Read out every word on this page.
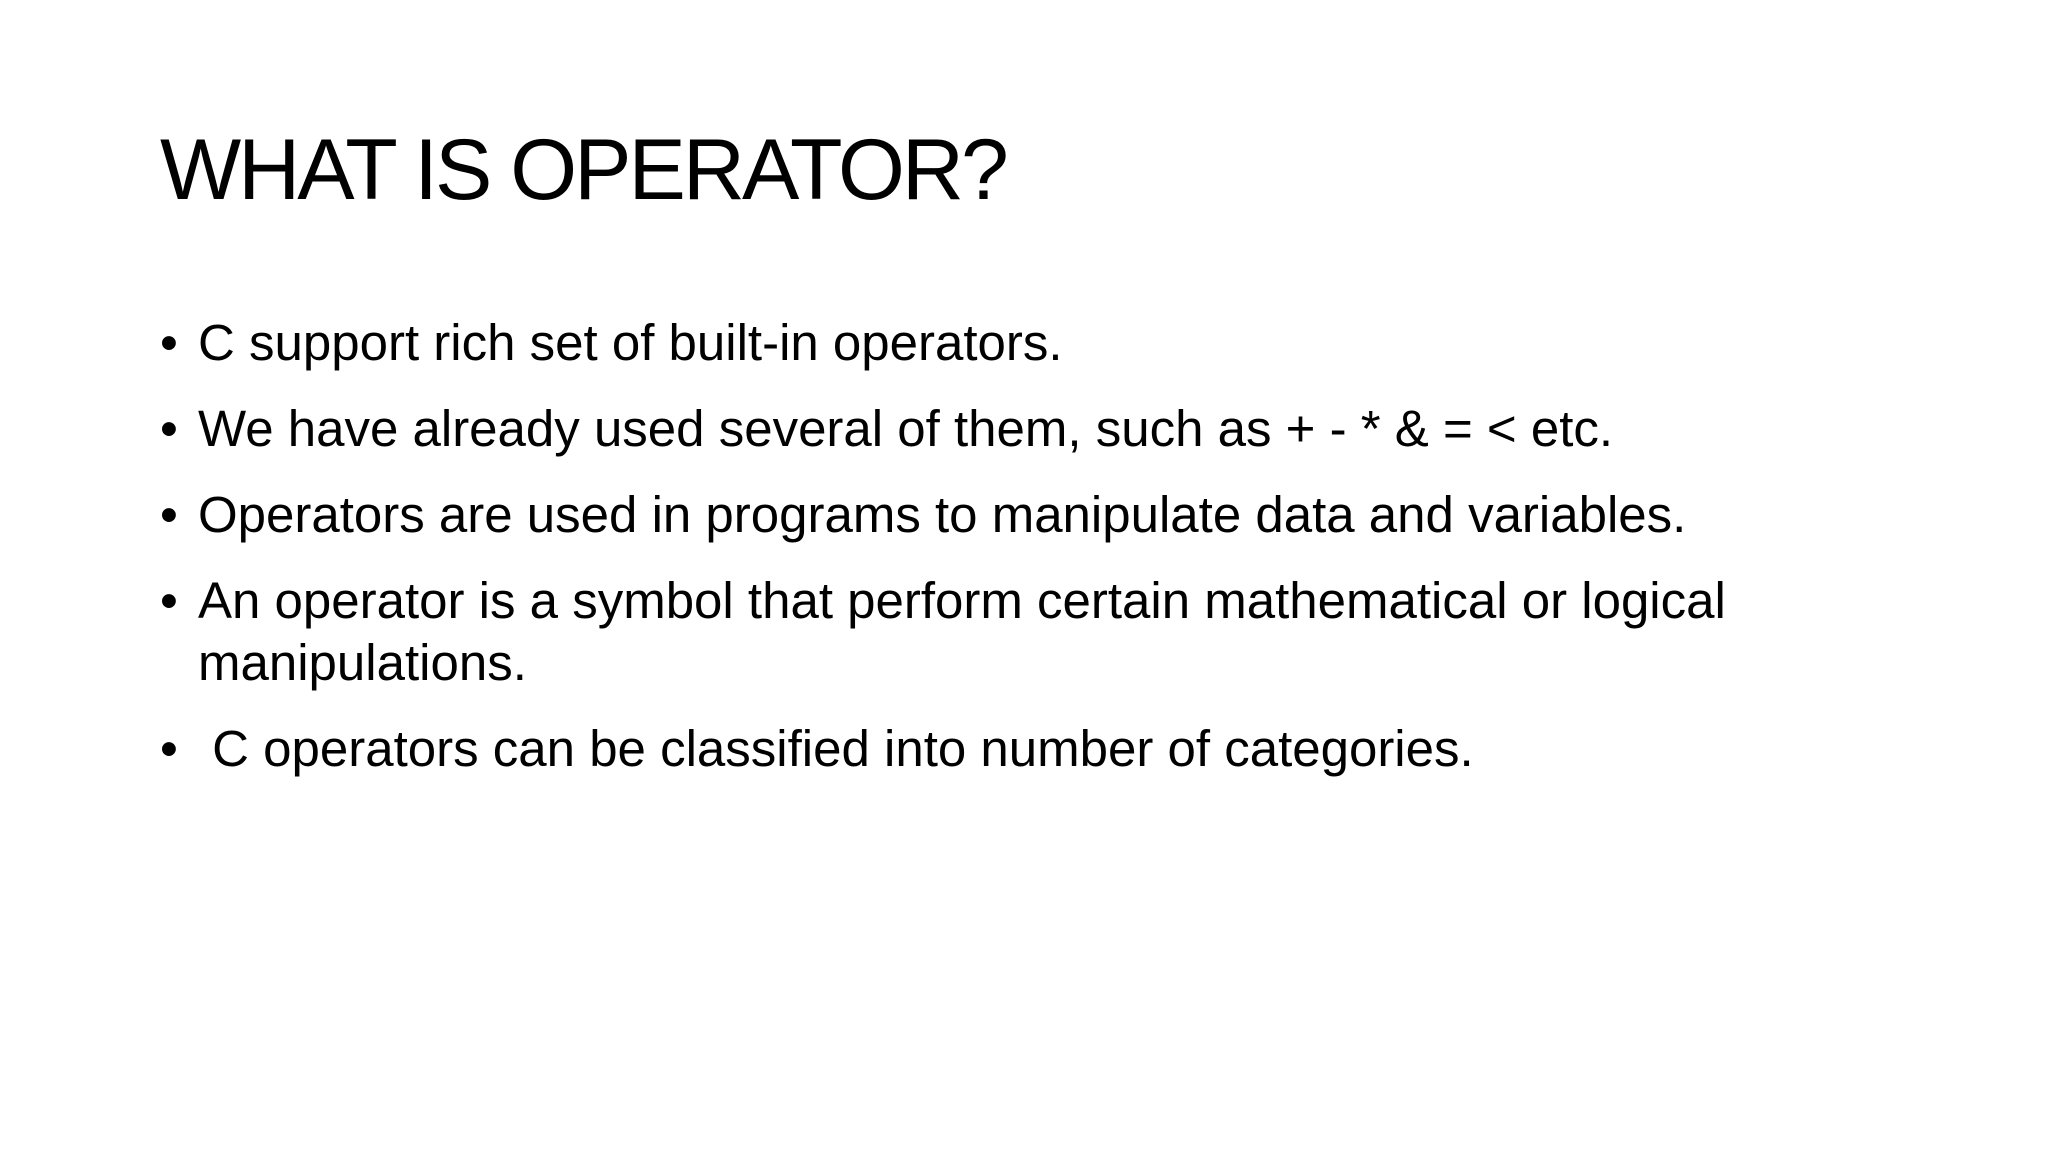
WHAT IS OPERATOR?
• C support rich set of built-in operators.
• We have already used several of them, such as + - * & = < etc.
• Operators are used in programs to manipulate data and variables.
• An operator is a symbol that perform certain mathematical or logical manipulations.
• C operators can be classified into number of categories.
